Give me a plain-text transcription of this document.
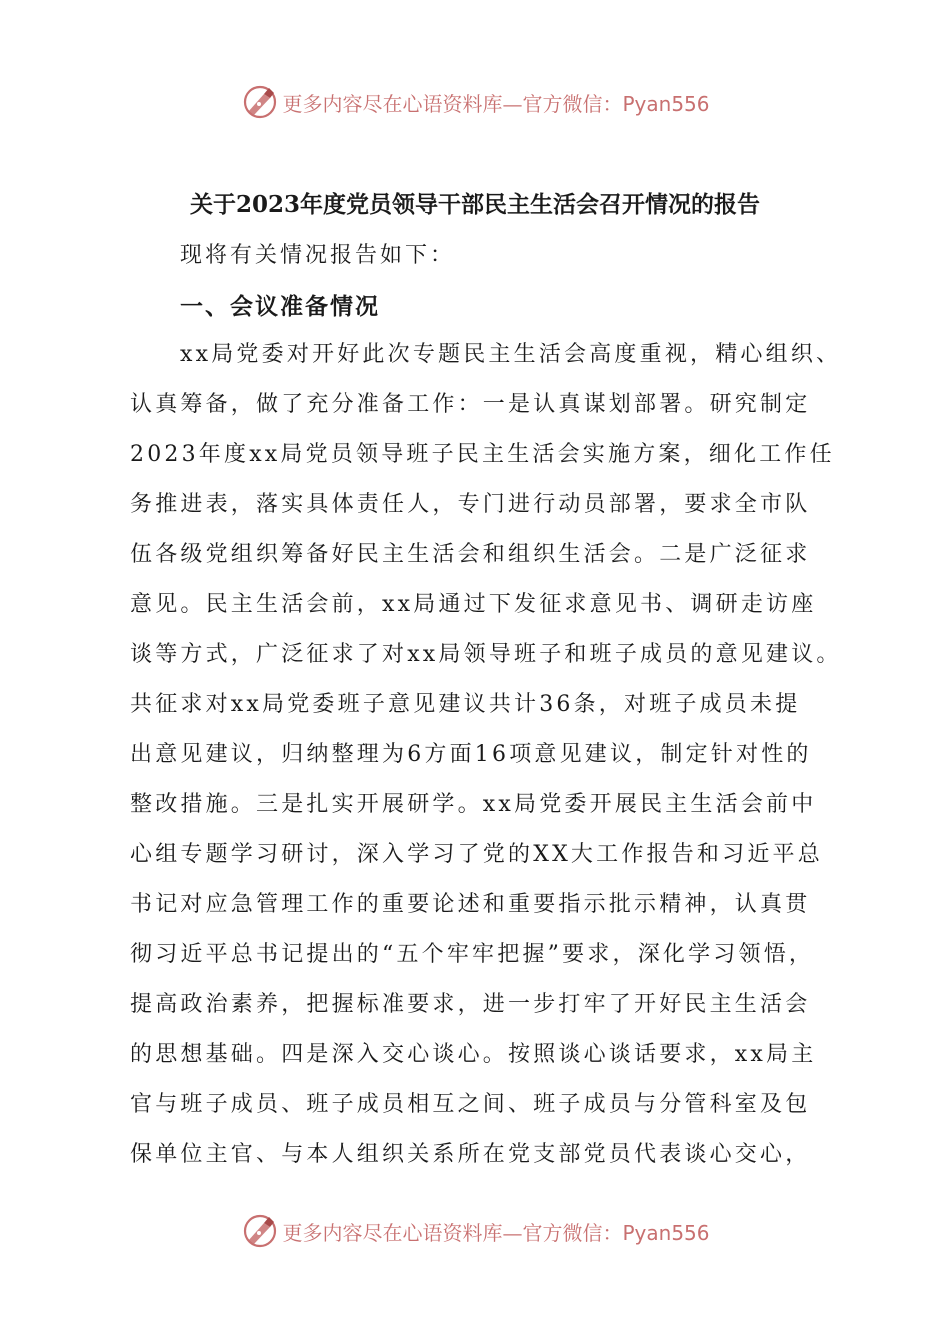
更多内容尽在心语资料库—官方微信：Pyan556
关于2023年度党员领导干部民主生活会召开情况的报告
现将有关情况报告如下：
一、会议准备情况
xx局党委对开好此次专题民主生活会高度重视，精心组织、
认真筹备，做了充分准备工作：一是认真谋划部署。研究制定
2023年度xx局党员领导班子民主生活会实施方案，细化工作任
务推进表，落实具体责任人，专门进行动员部署，要求全市队
伍各级党组织筹备好民主生活会和组织生活会。二是广泛征求
意见。民主生活会前，xx局通过下发征求意见书、调研走访座
谈等方式，广泛征求了对xx局领导班子和班子成员的意见建议。
共征求对xx局党委班子意见建议共计36条，对班子成员未提
出意见建议，归纳整理为6方面16项意见建议，制定针对性的
整改措施。三是扎实开展研学。xx局党委开展民主生活会前中
心组专题学习研讨，深入学习了党的XX大工作报告和习近平总
书记对应急管理工作的重要论述和重要指示批示精神，认真贯
彻习近平总书记提出的“五个牢牢把握”要求，深化学习领悟，
提高政治素养，把握标准要求，进一步打牢了开好民主生活会
的思想基础。四是深入交心谈心。按照谈心谈话要求，xx局主
官与班子成员、班子成员相互之间、班子成员与分管科室及包
保单位主官、与本人组织关系所在党支部党员代表谈心交心，
更多内容尽在心语资料库—官方微信：Pyan556
